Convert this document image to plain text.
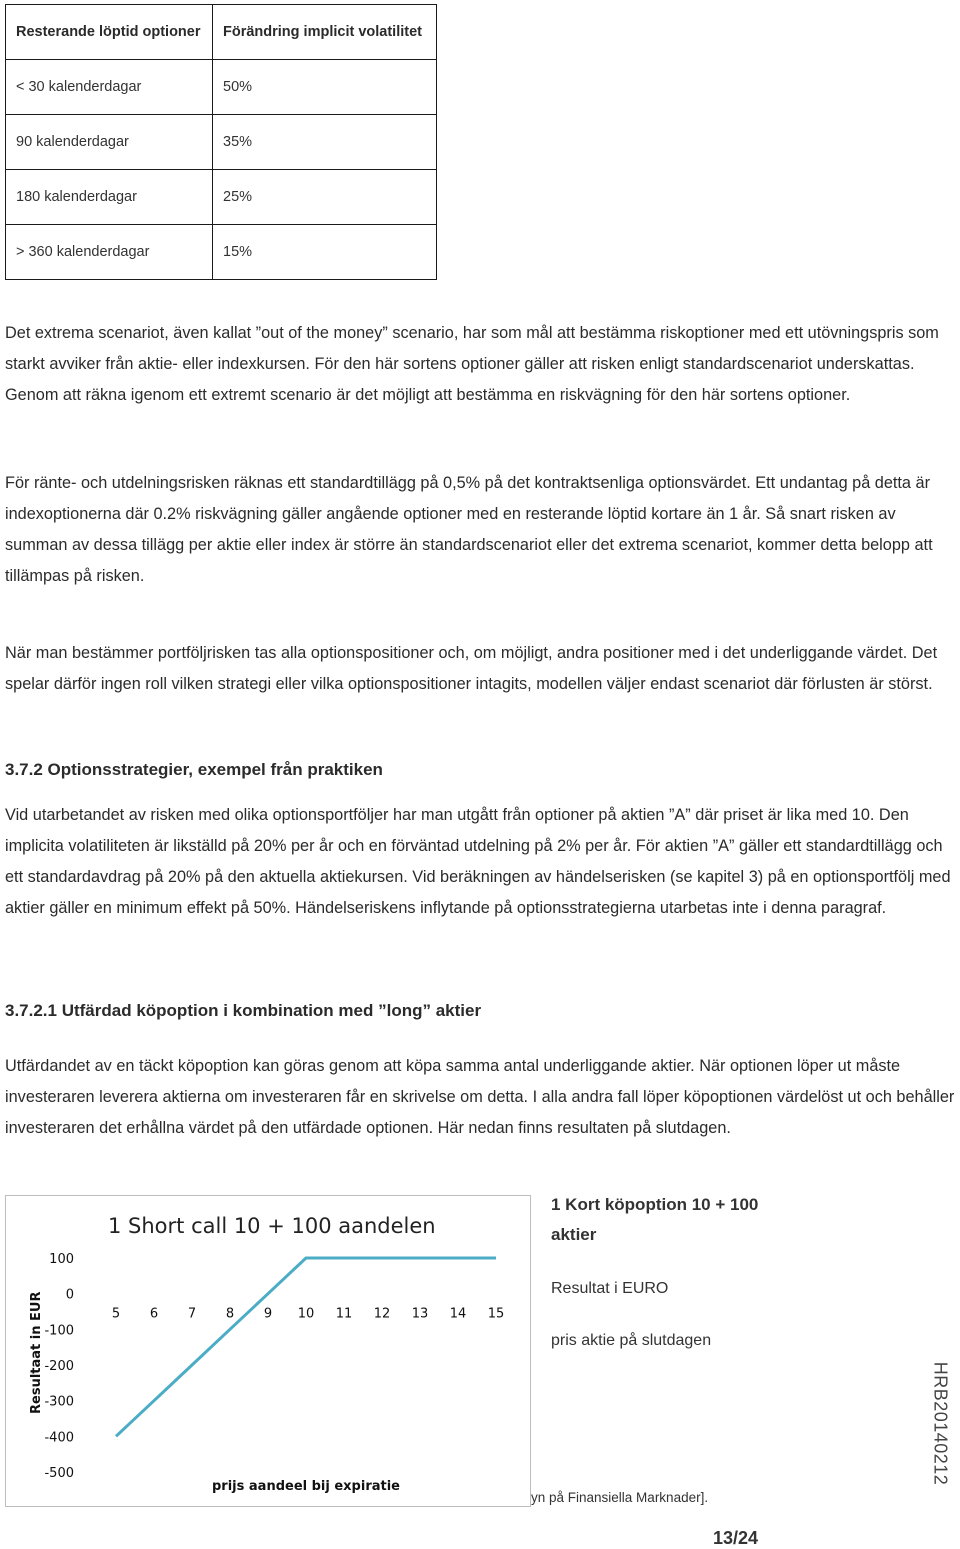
Resterande löptid optioner	Förändring implicit volatilitet
< 30 kalenderdagar	50%
90 kalenderdagar	35%
180 kalenderdagar	25%
> 360 kalenderdagar	15%

Det extrema scenariot, även kallat ”out of the money” scenario, har som mål att bestämma riskoptioner med ett utövningspris som starkt avviker från aktie- eller indexkursen. För den här sortens optioner gäller att risken enligt standardscenariot underskattas. Genom att räkna igenom ett extremt scenario är det möjligt att bestämma en riskvägning för den här sortens optioner.

För ränte- och utdelningsrisken räknas ett standardtillägg på 0,5% på det kontraktsenliga optionsvärdet. Ett undantag på detta är indexoptionerna där 0.2% riskvägning gäller angående optioner med en resterande löptid kortare än 1 år. Så snart risken av summan av dessa tillägg per aktie eller index är större än standardscenariot eller det extrema scenariot, kommer detta belopp att tillämpas på risken.

När man bestämmer portföljrisken tas alla optionspositioner och, om möjligt, andra positioner med i det underliggande värdet. Det spelar därför ingen roll vilken strategi eller vilka optionspositioner intagits, modellen väljer endast scenariot där förlusten är störst.

3.7.2 Optionsstrategier, exempel från praktiken

Vid utarbetandet av risken med olika optionsportföljer har man utgått från optioner på aktien ”A” där priset är lika med 10. Den implicita volatiliteten är likställd på 20% per år och en förväntad utdelning på 2% per år. För aktien ”A” gäller ett standardtillägg och ett standardavdrag på 20% på den aktuella aktiekursen. Vid beräkningen av händelserisken (se kapitel 3) på en optionsportfölj med aktier gäller en minimum effekt på 50%. Händelseriskens inflytande på optionsstrategierna utarbetas inte i denna paragraf.

3.7.2.1 Utfärdad köpoption i kombination med ”long” aktier

Utfärdandet av en täckt köpoption kan göras genom att köpa samma antal underliggande aktier. När optionen löper ut måste investeraren leverera aktierna om investeraren får en skrivelse om detta. I alla andra fall löper köpoptionen värdelöst ut och behåller investeraren det erhållna värdet på den utfärdade optionen. Här nedan finns resultaten på slutdagen.

1 Short call 10 + 100 aandelen
100
0
-100
-200
-300
-400
-500
5 6 7 8 9 10 11 12 13 14 15
prijs aandeel bij expiratie
Resultaat in EUR
1 Kort köpoption 10 + 100 aktier
Resultat i EURO
pris aktie på slutdagen
yn på Finansiella Marknader].
HRB20140212
13/24
